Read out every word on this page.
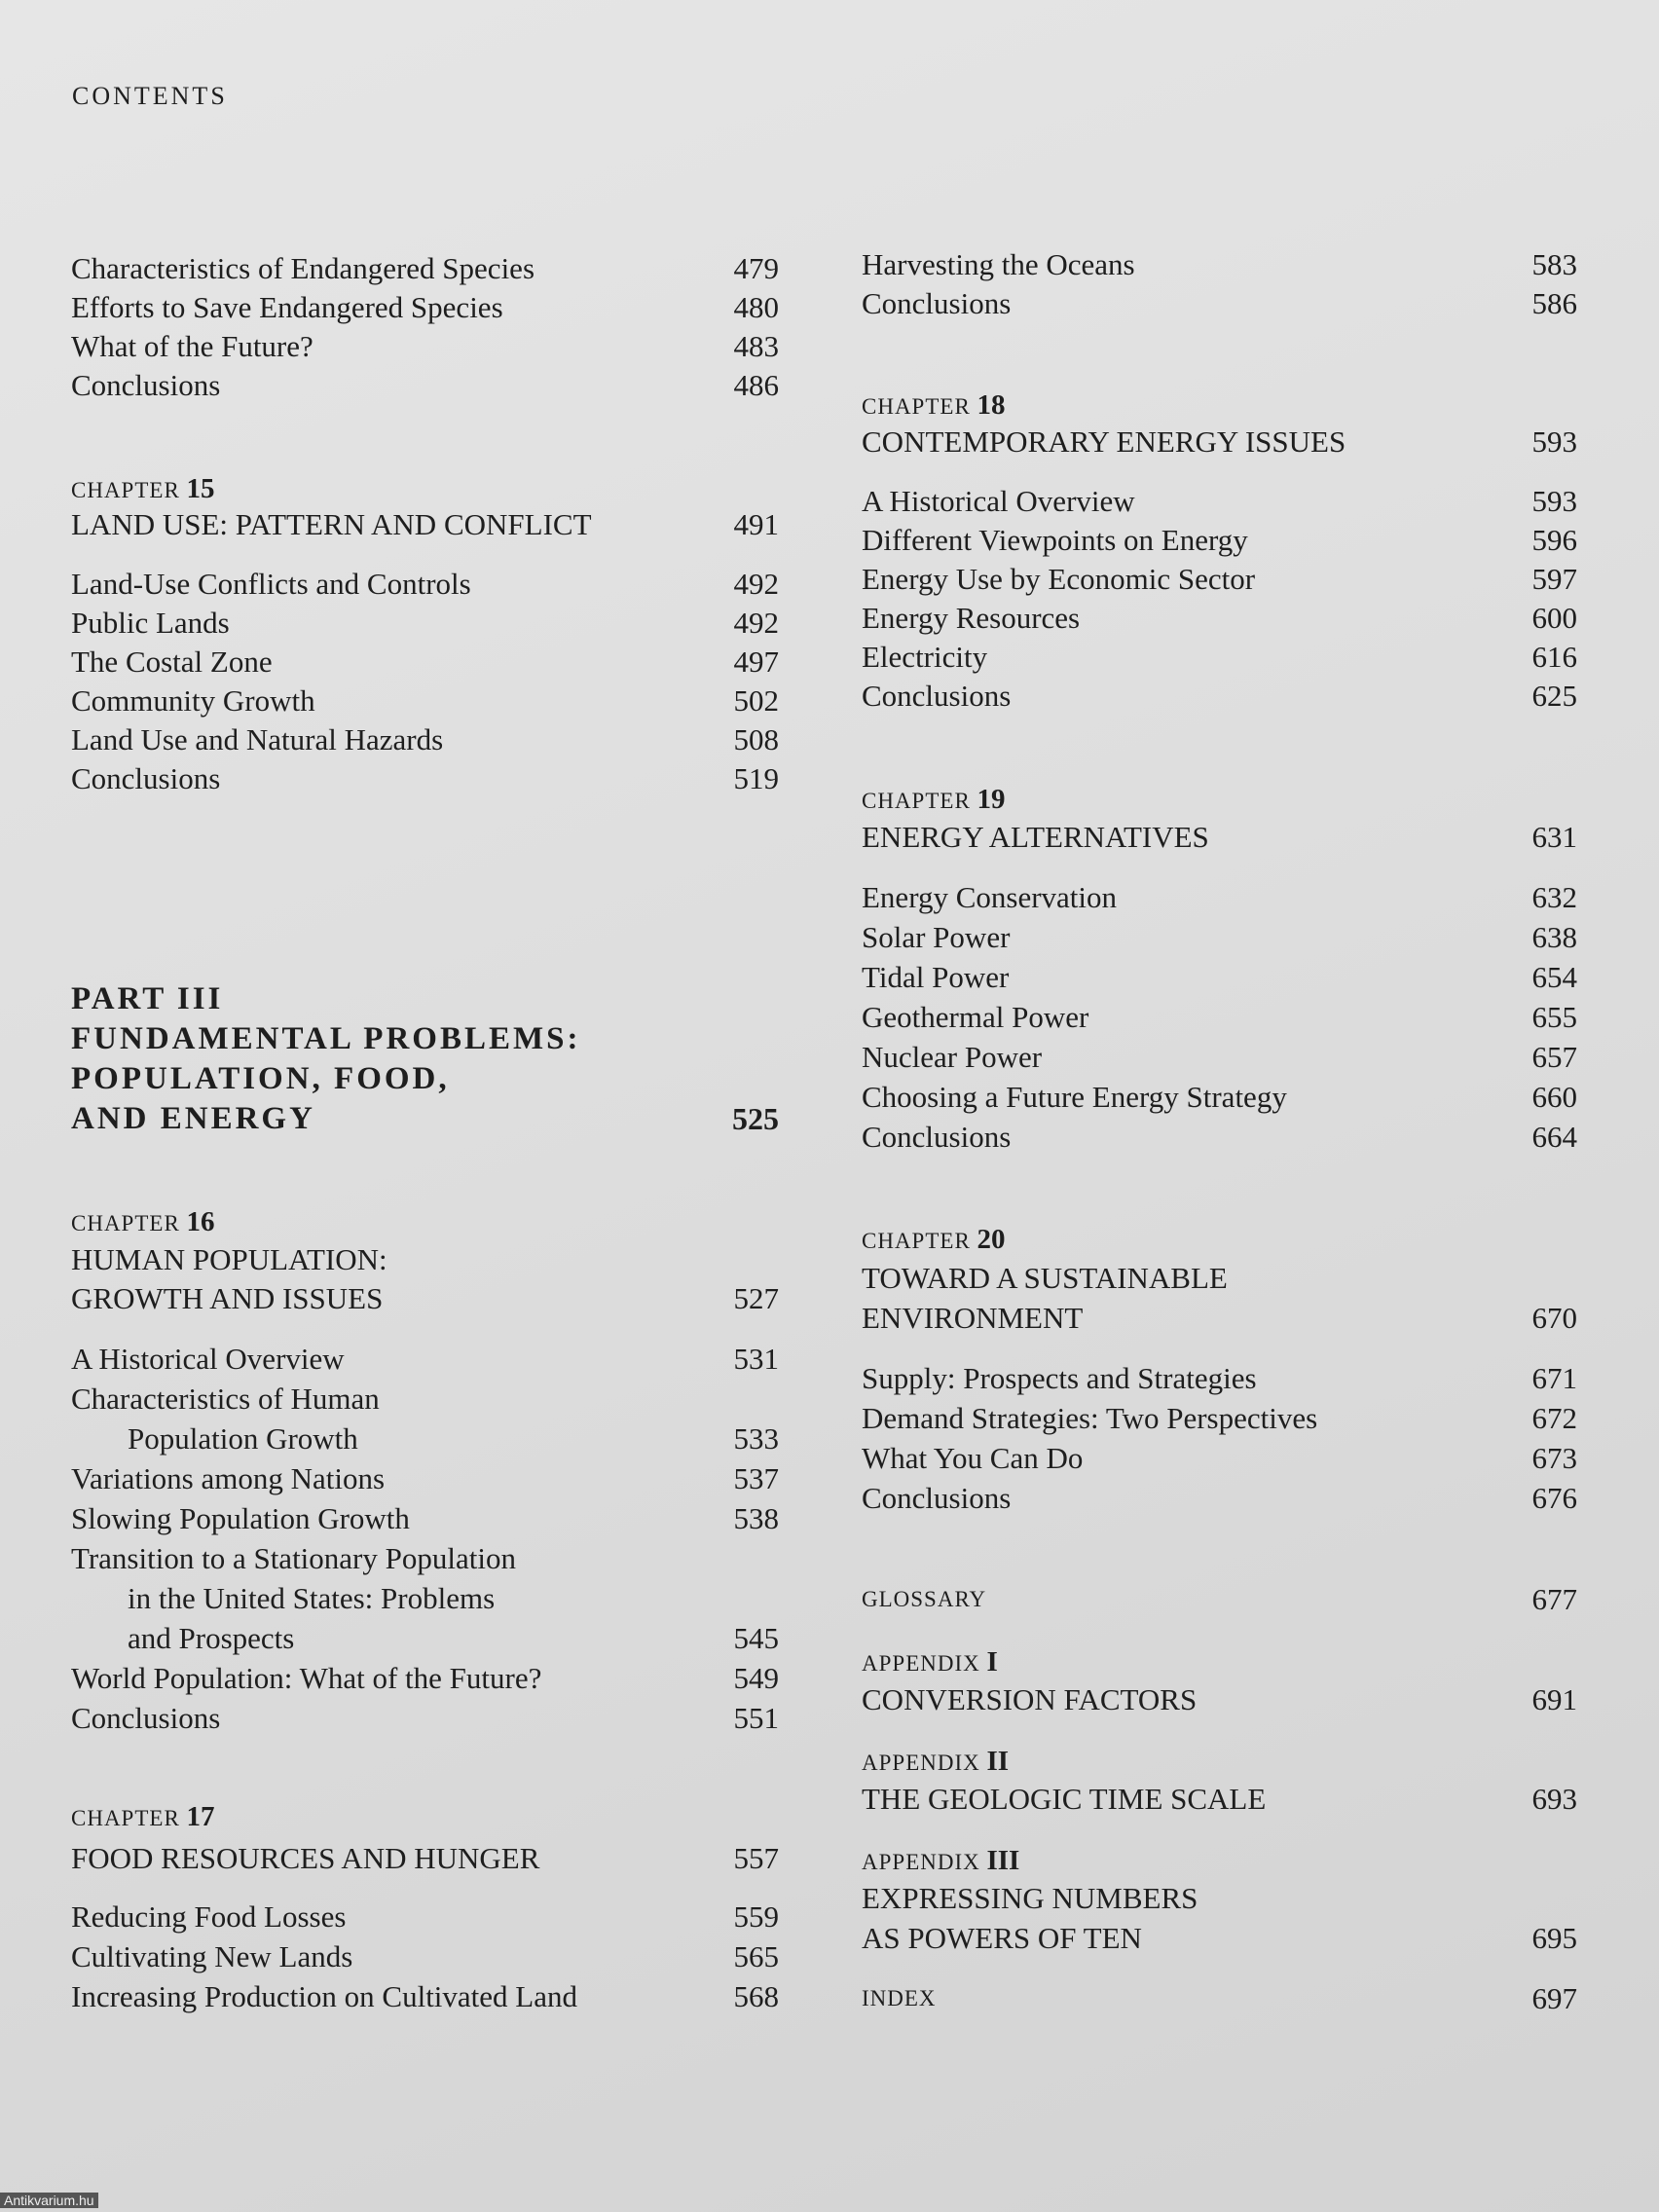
CONTENTS
Characteristics of Endangered Species	479
Efforts to Save Endangered Species	480
What of the Future?	483
Conclusions	486
CHAPTER 15
LAND USE: PATTERN AND CONFLICT	491
Land-Use Conflicts and Controls	492
Public Lands	492
The Costal Zone	497
Community Growth	502
Land Use and Natural Hazards	508
Conclusions	519
PART III
FUNDAMENTAL PROBLEMS:
POPULATION, FOOD,
AND ENERGY	525
CHAPTER 16
HUMAN POPULATION:
GROWTH AND ISSUES	527
A Historical Overview	531
Characteristics of Human
Population Growth	533
Variations among Nations	537
Slowing Population Growth	538
Transition to a Stationary Population
in the United States: Problems
and Prospects	545
World Population: What of the Future?	549
Conclusions	551
CHAPTER 17
FOOD RESOURCES AND HUNGER	557
Reducing Food Losses	559
Cultivating New Lands	565
Increasing Production on Cultivated Land	568
Harvesting the Oceans	583
Conclusions	586
CHAPTER 18
CONTEMPORARY ENERGY ISSUES	593
A Historical Overview	593
Different Viewpoints on Energy	596
Energy Use by Economic Sector	597
Energy Resources	600
Electricity	616
Conclusions	625
CHAPTER 19
ENERGY ALTERNATIVES	631
Energy Conservation	632
Solar Power	638
Tidal Power	654
Geothermal Power	655
Nuclear Power	657
Choosing a Future Energy Strategy	660
Conclusions	664
CHAPTER 20
TOWARD A SUSTAINABLE
ENVIRONMENT	670
Supply: Prospects and Strategies	671
Demand Strategies: Two Perspectives	672
What You Can Do	673
Conclusions	676
GLOSSARY	677
APPENDIX I
CONVERSION FACTORS	691
APPENDIX II
THE GEOLOGIC TIME SCALE	693
APPENDIX III
EXPRESSING NUMBERS
AS POWERS OF TEN	695
INDEX	697
Antikvarium.hu
